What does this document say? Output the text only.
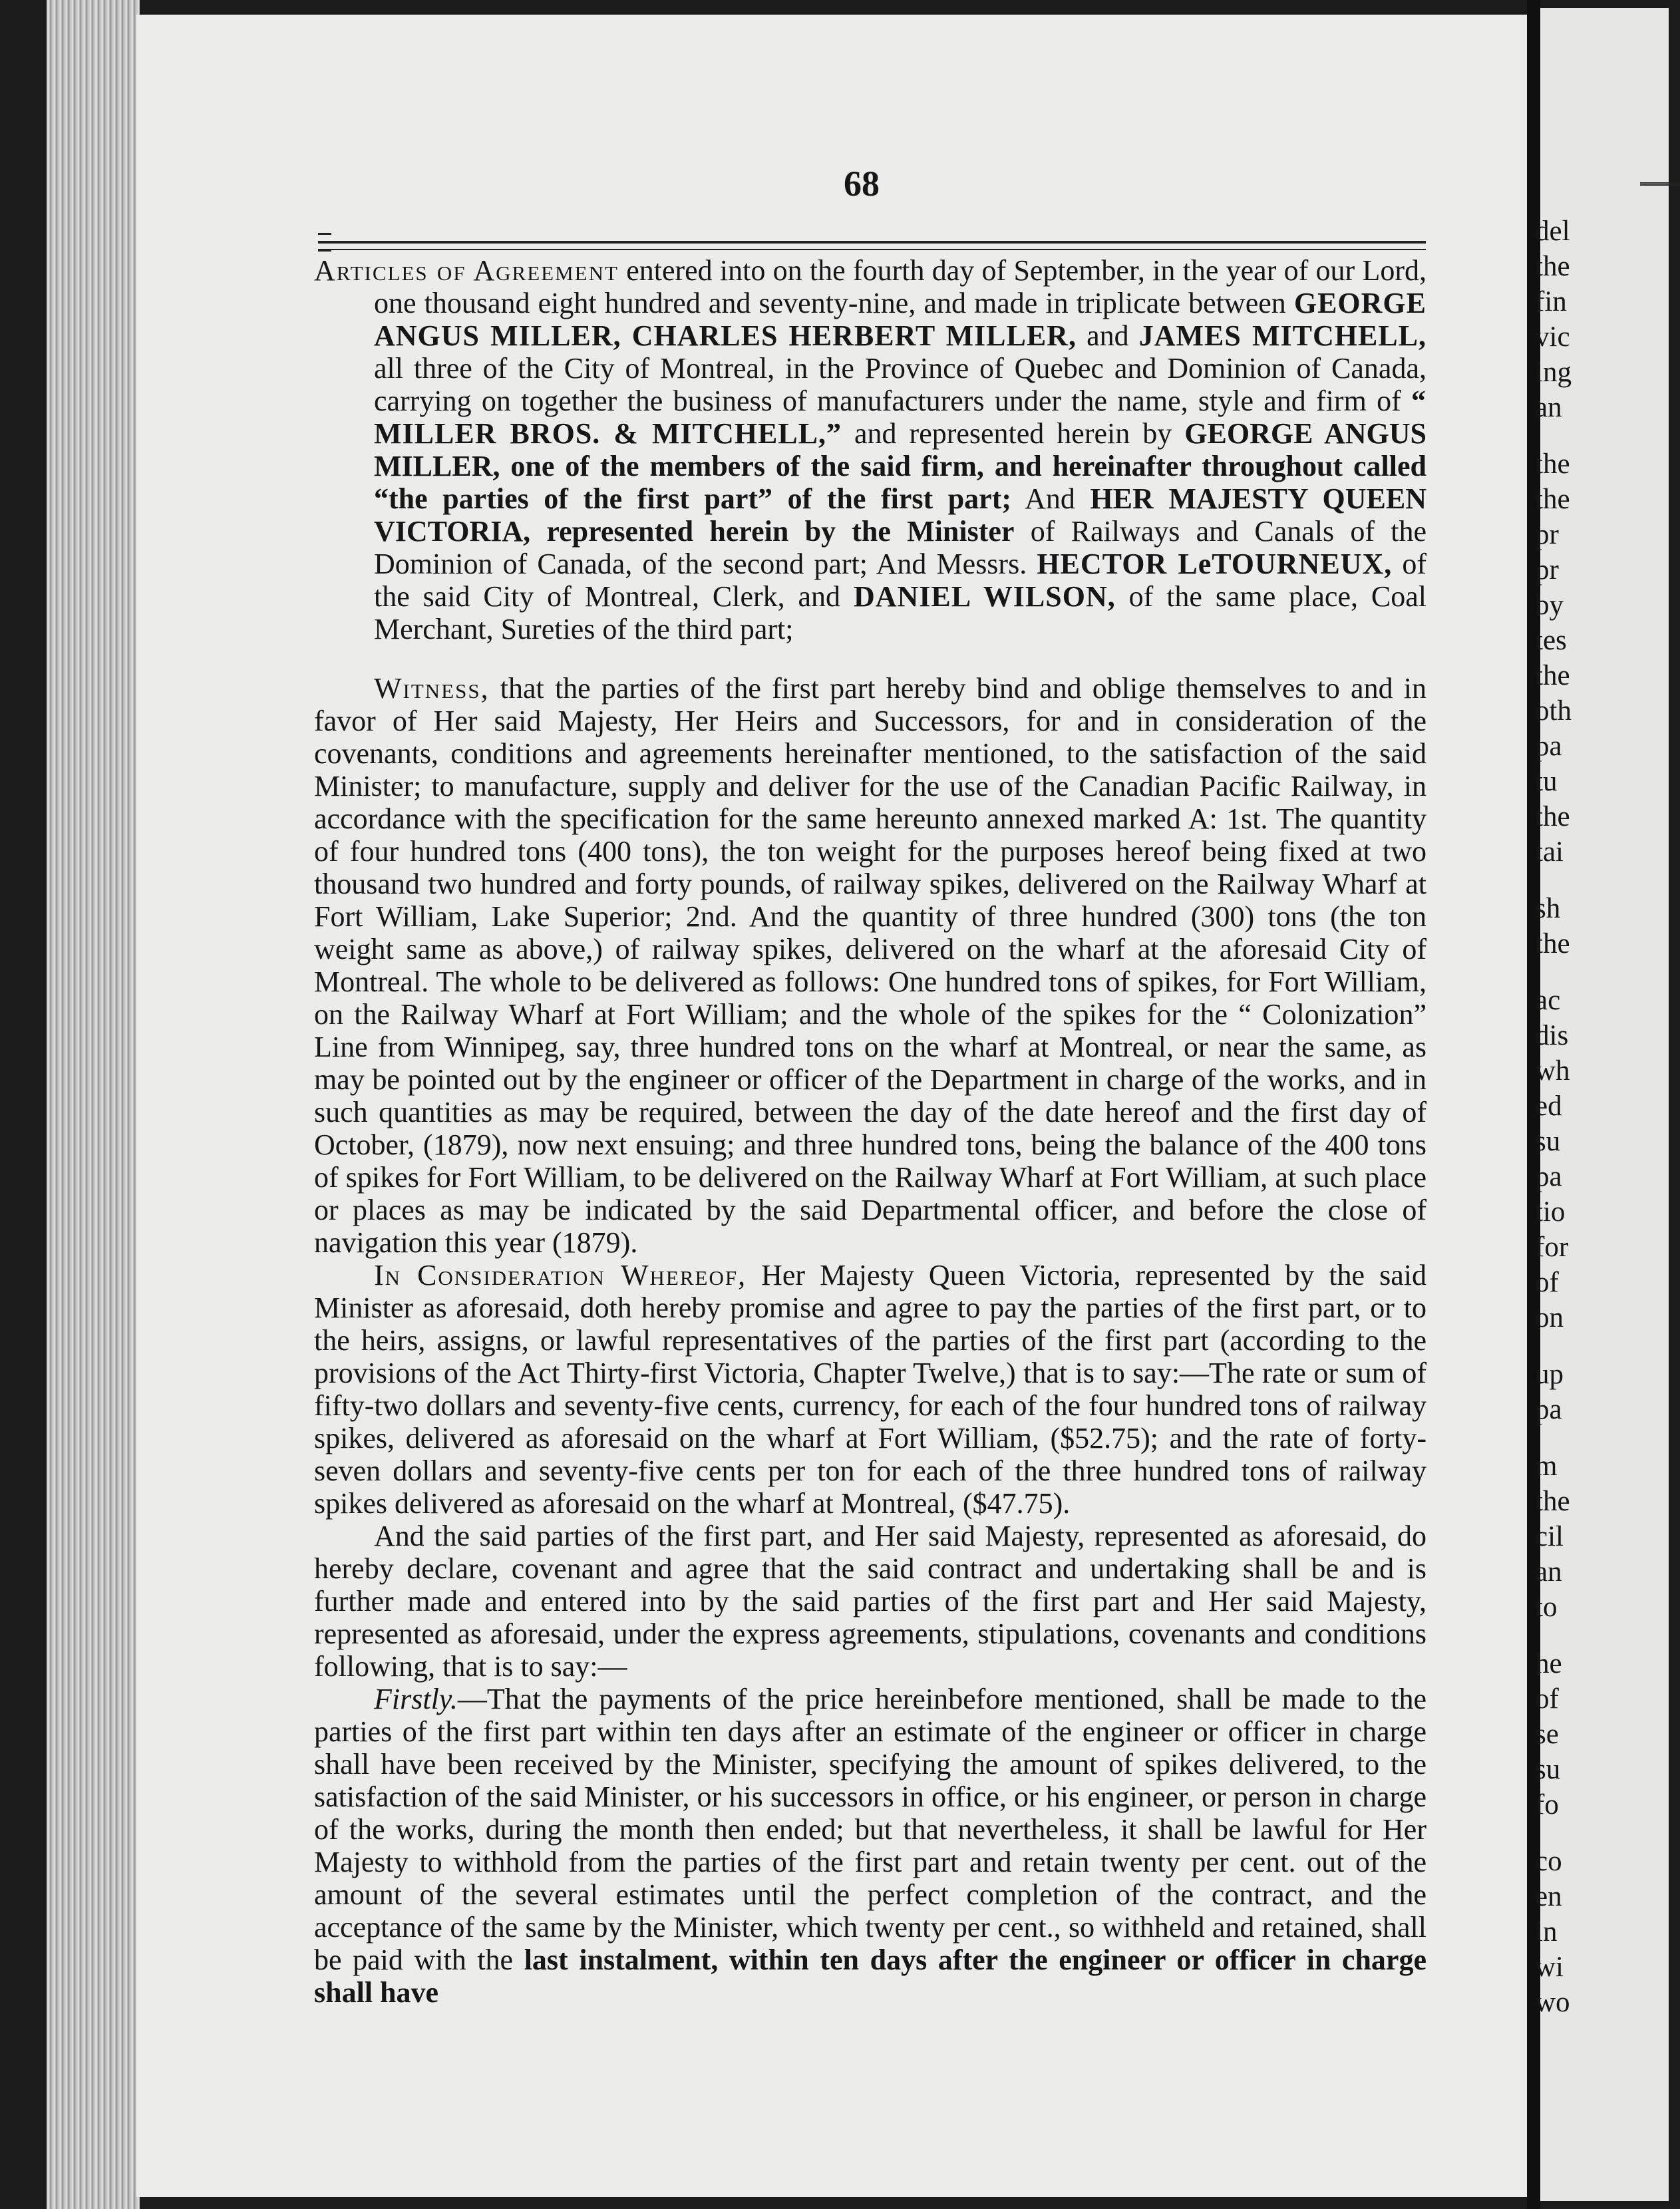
del
the
fin
vic
ing
an
the
the
pr
pr
by
tes
the
oth
pa
tu
the
tai
sh
the
ac
dis
wh
ed
su
pa
tio
for
of
on
up
pa
m
the
cil
an
to
he
of
se
su
fo
co
en
in
wi
wo
68

Articles of Agreement entered into on the fourth day of September, in the year of our Lord, one thousand eight hundred and seventy-nine, and made in triplicate between GEORGE ANGUS MILLER, CHARLES HERBERT MILLER, and JAMES MITCHELL, all three of the City of Montreal, in the Province of Quebec and Dominion of Canada, carrying on together the business of manufacturers under the name, style and firm of “ MILLER BROS. & MITCHELL,” and represented herein by GEORGE ANGUS MILLER, one of the members of the said firm, and hereinafter throughout called “the parties of the first part” of the first part; And HER MAJESTY QUEEN VICTORIA, represented herein by the Minister of Railways and Canals of the Dominion of Canada, of the second part; And Messrs. HECTOR LeTOURNEUX, of the said City of Montreal, Clerk, and DANIEL WILSON, of the same place, Coal Merchant, Sureties of the third part;

Witness, that the parties of the first part hereby bind and oblige themselves to and in favor of Her said Majesty, Her Heirs and Successors, for and in consideration of the covenants, conditions and agreements hereinafter mentioned, to the satisfaction of the said Minister; to manufacture, supply and deliver for the use of the Canadian Pacific Railway, in accordance with the specification for the same hereunto annexed marked A: 1st. The quantity of four hundred tons (400 tons), the ton weight for the purposes hereof being fixed at two thousand two hundred and forty pounds, of railway spikes, delivered on the Railway Wharf at Fort William, Lake Superior; 2nd. And the quantity of three hundred (300) tons (the ton weight same as above,) of railway spikes, delivered on the wharf at the aforesaid City of Montreal. The whole to be delivered as follows: One hundred tons of spikes, for Fort William, on the Railway Wharf at Fort William; and the whole of the spikes for the “ Colonization” Line from Winnipeg, say, three hundred tons on the wharf at Montreal, or near the same, as may be pointed out by the engineer or officer of the Department in charge of the works, and in such quantities as may be required, between the day of the date hereof and the first day of October, (1879), now next ensuing; and three hundred tons, being the balance of the 400 tons of spikes for Fort William, to be delivered on the Railway Wharf at Fort William, at such place or places as may be indicated by the said Departmental officer, and before the close of navigation this year (1879).

In Consideration Whereof, Her Majesty Queen Victoria, represented by the said Minister as aforesaid, doth hereby promise and agree to pay the parties of the first part, or to the heirs, assigns, or lawful representatives of the parties of the first part (according to the provisions of the Act Thirty-first Victoria, Chapter Twelve,) that is to say:—The rate or sum of fifty-two dollars and seventy-five cents, currency, for each of the four hundred tons of railway spikes, delivered as aforesaid on the wharf at Fort William, ($52.75); and the rate of forty-seven dollars and seventy-five cents per ton for each of the three hundred tons of railway spikes delivered as aforesaid on the wharf at Montreal, ($47.75).

And the said parties of the first part, and Her said Majesty, represented as aforesaid, do hereby declare, covenant and agree that the said contract and undertaking shall be and is further made and entered into by the said parties of the first part and Her said Majesty, represented as aforesaid, under the express agreements, stipulations, covenants and conditions following, that is to say:—

Firstly.—That the payments of the price hereinbefore mentioned, shall be made to the parties of the first part within ten days after an estimate of the engineer or officer in charge shall have been received by the Minister, specifying the amount of spikes delivered, to the satisfaction of the said Minister, or his successors in office, or his engineer, or person in charge of the works, during the month then ended; but that nevertheless, it shall be lawful for Her Majesty to withhold from the parties of the first part and retain twenty per cent. out of the amount of the several estimates until the perfect completion of the contract, and the acceptance of the same by the Minister, which twenty per cent., so withheld and retained, shall be paid with the last instalment, within ten days after the engineer or officer in charge shall have
